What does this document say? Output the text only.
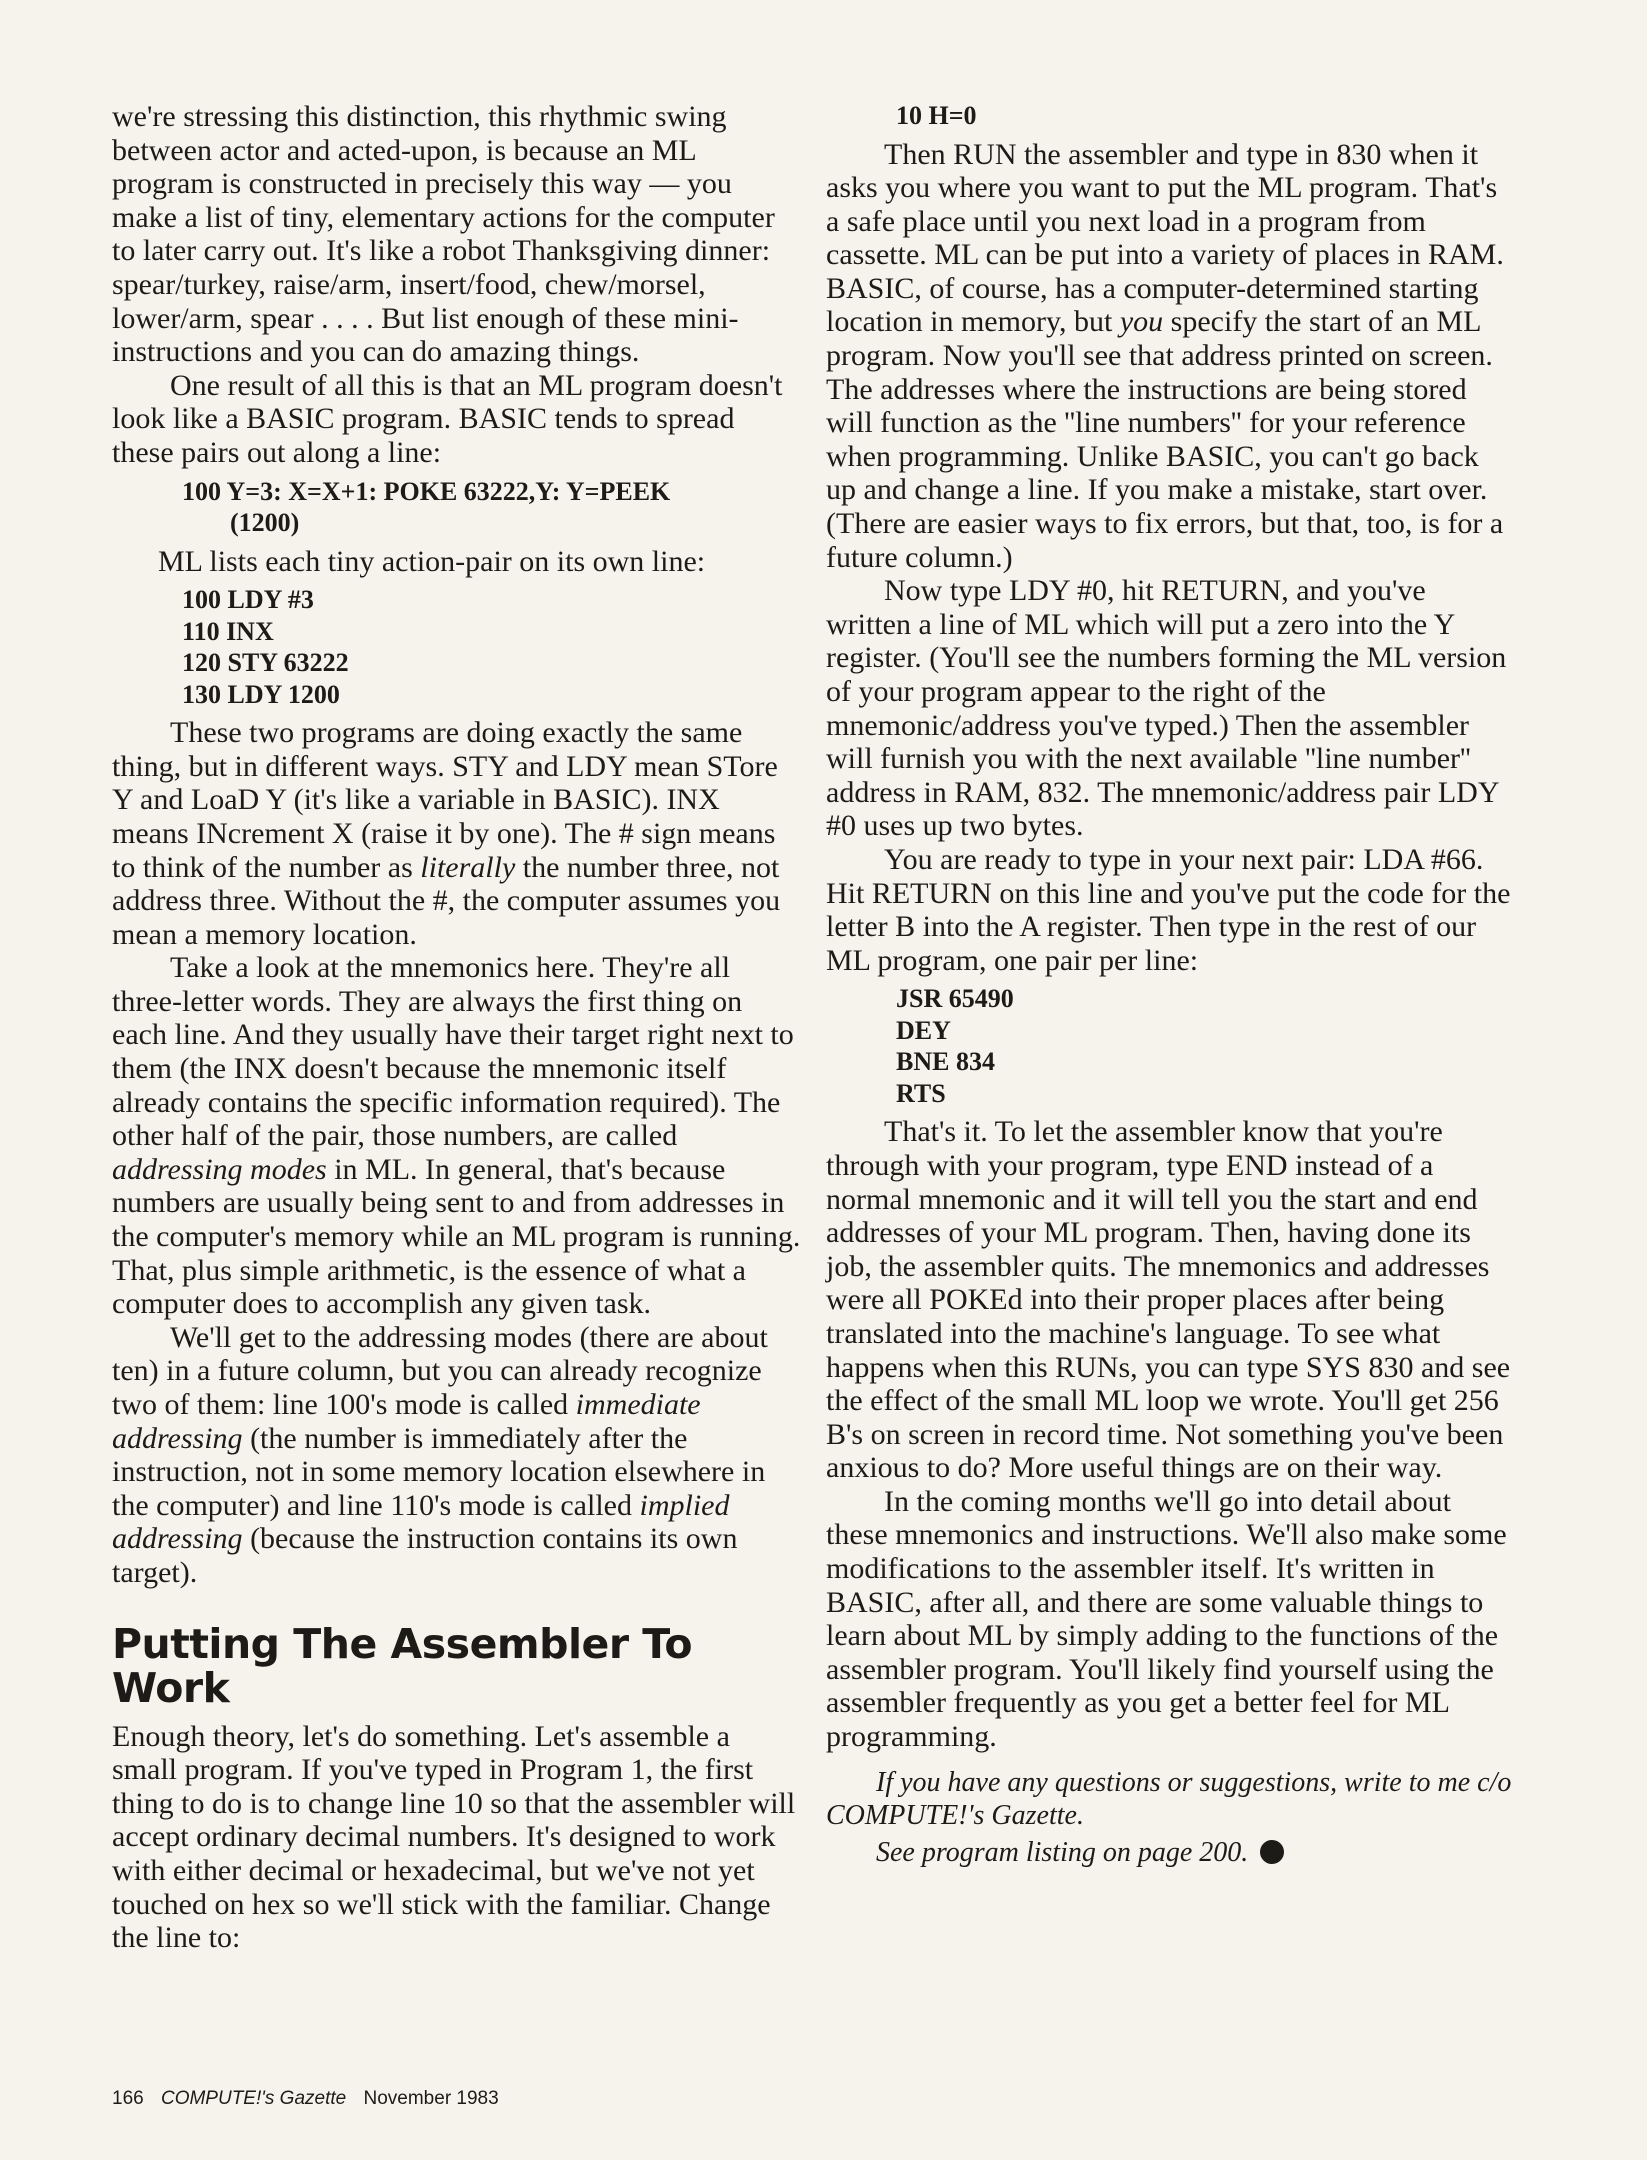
we're stressing this distinction, this rhythmic swing between actor and acted-upon, is because an ML program is constructed in precisely this way — you make a list of tiny, elementary actions for the computer to later carry out. It's like a robot Thanksgiving dinner: spear/turkey, raise/arm, insert/food, chew/morsel, lower/arm, spear . . . . But list enough of these mini-instructions and you can do amazing things.

One result of all this is that an ML program doesn't look like a BASIC program. BASIC tends to spread these pairs out along a line:

100 Y=3: X=X+1: POKE 63222,Y: Y=PEEK
(1200)

ML lists each tiny action-pair on its own line:

100 LDY #3
110 INX
120 STY 63222
130 LDY 1200

These two programs are doing exactly the same thing, but in different ways. STY and LDY mean STore Y and LoaD Y (it's like a variable in BASIC). INX means INcrement X (raise it by one). The # sign means to think of the number as literally the number three, not address three. Without the #, the computer assumes you mean a memory location.

Take a look at the mnemonics here. They're all three-letter words. They are always the first thing on each line. And they usually have their target right next to them (the INX doesn't because the mnemonic itself already contains the specific information required). The other half of the pair, those numbers, are called addressing modes in ML. In general, that's because numbers are usually being sent to and from addresses in the computer's memory while an ML program is running. That, plus simple arithmetic, is the essence of what a computer does to accomplish any given task.

We'll get to the addressing modes (there are about ten) in a future column, but you can already recognize two of them: line 100's mode is called immediate addressing (the number is immediately after the instruction, not in some memory location elsewhere in the computer) and line 110's mode is called implied addressing (because the instruction contains its own target).

Putting The Assembler To Work

Enough theory, let's do something. Let's assemble a small program. If you've typed in Program 1, the first thing to do is to change line 10 so that the assembler will accept ordinary decimal numbers. It's designed to work with either decimal or hexadecimal, but we've not yet touched on hex so we'll stick with the familiar. Change the line to:

10 H=0

Then RUN the assembler and type in 830 when it asks you where you want to put the ML program. That's a safe place until you next load in a program from cassette. ML can be put into a variety of places in RAM. BASIC, of course, has a computer-determined starting location in memory, but you specify the start of an ML program. Now you'll see that address printed on screen. The addresses where the instructions are being stored will function as the ''line numbers'' for your reference when programming. Unlike BASIC, you can't go back up and change a line. If you make a mistake, start over. (There are easier ways to fix errors, but that, too, is for a future column.)

Now type LDY #0, hit RETURN, and you've written a line of ML which will put a zero into the Y register. (You'll see the numbers forming the ML version of your program appear to the right of the mnemonic/address you've typed.) Then the assembler will furnish you with the next available ''line number'' address in RAM, 832. The mnemonic/address pair LDY #0 uses up two bytes.

You are ready to type in your next pair: LDA #66. Hit RETURN on this line and you've put the code for the letter B into the A register. Then type in the rest of our ML program, one pair per line:

JSR 65490
DEY
BNE 834
RTS

That's it. To let the assembler know that you're through with your program, type END instead of a normal mnemonic and it will tell you the start and end addresses of your ML program. Then, having done its job, the assembler quits. The mnemonics and addresses were all POKEd into their proper places after being translated into the machine's language. To see what happens when this RUNs, you can type SYS 830 and see the effect of the small ML loop we wrote. You'll get 256 B's on screen in record time. Not something you've been anxious to do? More useful things are on their way.

In the coming months we'll go into detail about these mnemonics and instructions. We'll also make some modifications to the assembler itself. It's written in BASIC, after all, and there are some valuable things to learn about ML by simply adding to the functions of the assembler program. You'll likely find yourself using the assembler frequently as you get a better feel for ML programming.

If you have any questions or suggestions, write to me c/o COMPUTE!'s Gazette.

See program listing on page 200.

166 COMPUTE!'s Gazette November 1983
